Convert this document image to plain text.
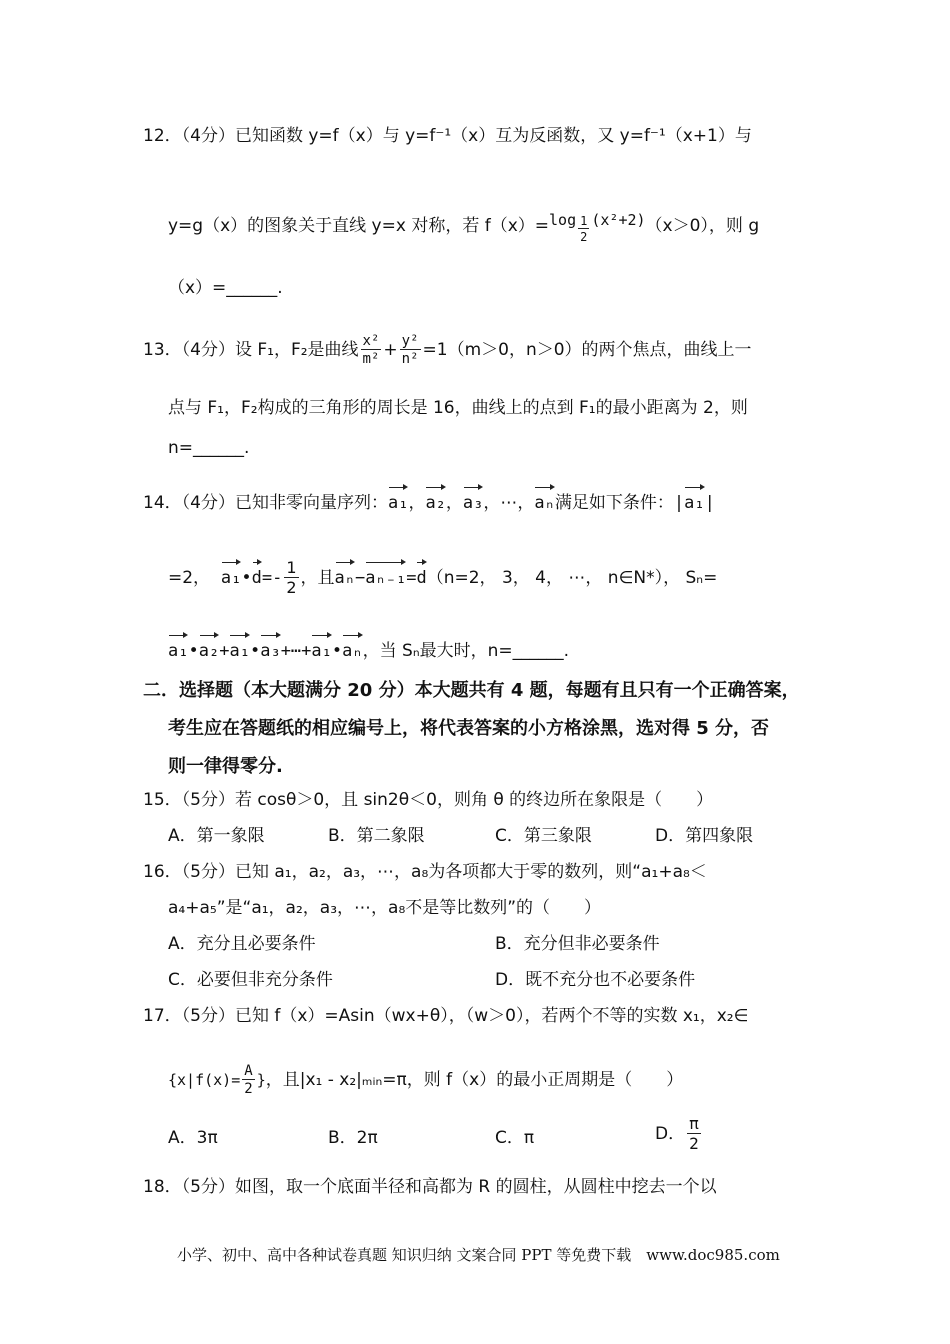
12．（4分）已知函数 y=f（x）与 y=f⁻¹（x）互为反函数，又 y=f⁻¹（x+1）与
y=g（x）的图象关于直线 y=x 对称，若 $f(x)=\log \frac{1}{2} (x^2+2)(x>0)$，则 g
（x）=______.
13．（4分）设 F₁，F₂是曲线 $\frac{\text{x²}}{\text{m²}} + \frac{\text{y²}}{\text{n²}} =1(m>0$，n＞0）的两个焦点，曲线上一
点与 F₁，F₂构成的三角形的周长是 16，曲线上的点到 F₁的最小距离为 2，则
n=______.
14．（4分）已知非零向量序列：a₁，a₂，a₃，⋯，aₙ满足如下条件：|a₁|
=2， a₁•d=- $\frac{1}{2}$ ，且aₙ−aₙ₋₁=d（n=2， 3， 4， ⋯， n∈N*）， Sₙ=
a₁•a₂+a₁•a₃+⋯+a₁•aₙ，当 Sₙ最大时，n=______.
二．选择题（本大题满分 20 分）本大题共有 4 题，每题有且只有一个正确答案，
考生应在答题纸的相应编号上，将代表答案的小方格涂黑，选对得 5 分，否
则一律得零分.
15．（5分）若 cosθ＞0，且 sin2θ＜0，则角 θ 的终边所在象限是（　　）
A．第一象限	B．第二象限	C．第三象限	D．第四象限
16．（5分）已知 a₁，a₂，a₃，⋯，a₈为各项都大于零的数列，则“a₁+a₈＜
a₄+a₅”是“a₁，a₂，a₃，⋯，a₈不是等比数列”的（　　）
A．充分且必要条件	B．充分但非必要条件
C．必要但非充分条件	D．既不充分也不必要条件
17．（5分）已知 f（x）=Asin（wx+θ），（w＞0），若两个不等的实数 x₁，x₂∈
{$x|f(x)= \frac{A}{2}$ }，且|x₁ - x₂|ₘᵢₙ=π，则 f（x）的最小正周期是（　　）
A．3π	B．2π	C．π	D． $\frac{\pi}{2}$
18．（5分）如图，取一个底面半径和高都为 R 的圆柱，从圆柱中挖去一个以
小学、初中、高中各种试卷真题 知识归纳 文案合同 PPT 等免费下载　www.doc985.com
